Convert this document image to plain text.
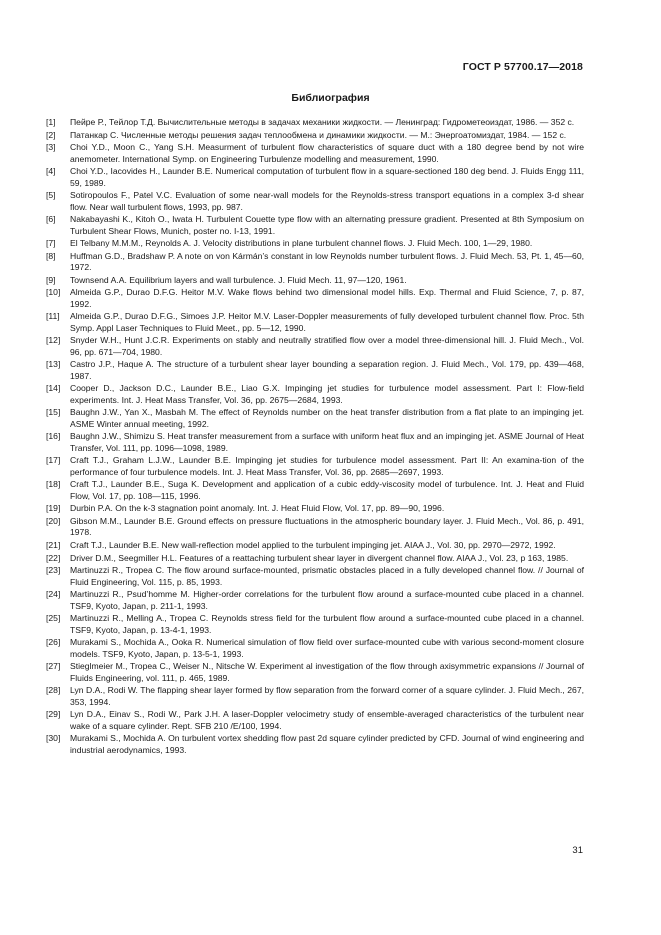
ГОСТ Р 57700.17—2018
Библиография
[1]	Пейре Р., Тейлор Т.Д. Вычислительные методы в задачах механики жидкости. — Ленинград: Гидрометеоиздат, 1986. — 352 с.
[2]	Патанкар С. Численные методы решения задач теплообмена и динамики жидкости. — М.: Энергоатомиздат, 1984. — 152 с.
[3]	Choi Y.D., Moon C., Yang S.H. Measurment of turbulent flow characteristics of square duct with a 180 degree bend by not wire anemometer. International Symp. on Engineering Turbulenze modelling and measurement, 1990.
[4]	Choi Y.D., Iacovides H., Launder B.E. Numerical computation of turbulent flow in a square-sectioned 180 deg bend. J. Fluids Engg 111, 59, 1989.
[5]	Sotiropoulos F., Patel V.C. Evaluation of some near-wall models for the Reynolds-stress transport equations in a complex 3-d shear flow. Near wall turbulent flows, 1993, pp. 987.
[6]	Nakabayashi K., Kitoh O., Iwata H. Turbulent Couette type flow with an alternating pressure gradient. Presented at 8th Symposium on Turbulent Shear Flows, Munich, poster no. I-13, 1991.
[7]	El Telbany M.M.M., Reynolds A. J. Velocity distributions in plane turbulent channel flows. J. Fluid Mech. 100, 1—29, 1980.
[8]	Huffman G.D., Bradshaw P. A note on von Kármán’s constant in low Reynolds number turbulent flows. J. Fluid Mech. 53, Pt. 1, 45—60, 1972.
[9]	Townsend A.A. Equilibrium layers and wall turbulence. J. Fluid Mech. 11, 97—120, 1961.
[10]	Almeida G.P., Durao D.F.G. Heitor M.V. Wake flows behind two dimensional model hills. Exp. Thermal and Fluid Science, 7, p. 87, 1992.
[11]	Almeida G.P., Durao D.F.G., Simoes J.P. Heitor M.V. Laser-Doppler measurements of fully developed turbulent channel flow. Proc. 5th Symp. Appl Laser Techniques to Fluid Meet., pp. 5—12, 1990.
[12]	Snyder W.H., Hunt J.C.R. Experiments on stably and neutrally stratified flow over a model three-dimensional hill. J. Fluid Mech., Vol. 96, pp. 671—704, 1980.
[13]	Castro J.P., Haque A. The structure of a turbulent shear layer bounding a separation region. J. Fluid Mech., Vol. 179, pp. 439—468, 1987.
[14]	Cooper D., Jackson D.C., Launder B.E., Liao G.X. Impinging jet studies for turbulence model assessment. Part I: Flow-field experiments. Int. J. Heat Mass Transfer, Vol. 36, pp. 2675—2684, 1993.
[15]	Baughn J.W., Yan X., Masbah M. The effect of Reynolds number on the heat transfer distribution from a flat plate to an impinging jet. ASME Winter annual meeting, 1992.
[16]	Baughn J.W., Shimizu S. Heat transfer measurement from a surface with uniform heat flux and an impinging jet. ASME Journal of Heat Transfer, Vol. 111, pp. 1096—1098, 1989.
[17]	Craft T.J., Graham L.J.W., Launder B.E. Impinging jet studies for turbulence model assessment. Part II: An examina-tion of the performance of four turbulence models. Int. J. Heat Mass Transfer, Vol. 36, pp. 2685—2697, 1993.
[18]	Craft T.J., Launder B.E., Suga K. Development and application of a cubic eddy-viscosity model of turbulence. Int. J. Heat and Fluid Flow, Vol. 17, pp. 108—115, 1996.
[19]	Durbin P.A. On the k-3 stagnation point anomaly. Int. J. Heat Fluid Flow, Vol. 17, pp. 89—90, 1996.
[20]	Gibson M.M., Launder B.E. Ground effects on pressure fluctuations in the atmospheric boundary layer. J. Fluid Mech., Vol. 86, p. 491, 1978.
[21]	Craft T.J., Launder B.E. New wall-reflection model applied to the turbulent impinging jet. AIAA J., Vol. 30, pp. 2970—2972, 1992.
[22]	Driver D.M., Seegmiller H.L. Features of a reattaching turbulent shear layer in divergent channel flow. AIAA J., Vol. 23, p 163, 1985.
[23]	Martinuzzi R., Tropea C. The flow around surface-mounted, prismatic obstacles placed in a fully developed channel flow. // Journal of Fluid Engineering, Vol. 115, p. 85, 1993.
[24]	Martinuzzi R., Psud’homme M. Higher-order correlations for the turbulent flow around a surface-mounted cube placed in a channel. TSF9, Kyoto, Japan, p. 211-1, 1993.
[25]	Martinuzzi R., Melling A., Tropea C. Reynolds stress field for the turbulent flow around a surface-mounted cube placed in a channel. TSF9, Kyoto, Japan, p. 13-4-1, 1993.
[26]	Murakami S., Mochida A., Ooka R. Numerical simulation of flow field over surface-mounted cube with various second-moment closure models. TSF9, Kyoto, Japan, p. 13-5-1, 1993.
[27]	Stieglmeier M., Tropea C., Weiser N., Nitsche W. Experiment al investigation of the flow through axisymmetric expansions // Journal of Fluids Engineering, vol. 111, p. 465, 1989.
[28]	Lyn D.A., Rodi W. The flapping shear layer formed by flow separation from the forward corner of a square cylinder. J. Fluid Mech., 267, 353, 1994.
[29]	Lyn D.A., Einav S., Rodi W., Park J.H. A laser-Doppler velocimetry study of ensemble-averaged characteristics of the turbulent near wake of a square cylinder. Rept. SFB 210 /E/100, 1994.
[30]	Murakami S., Mochida A. On turbulent vortex shedding flow past 2d square cylinder predicted by CFD. Journal of wind engineering and industrial aerodynamics, 1993.
31
